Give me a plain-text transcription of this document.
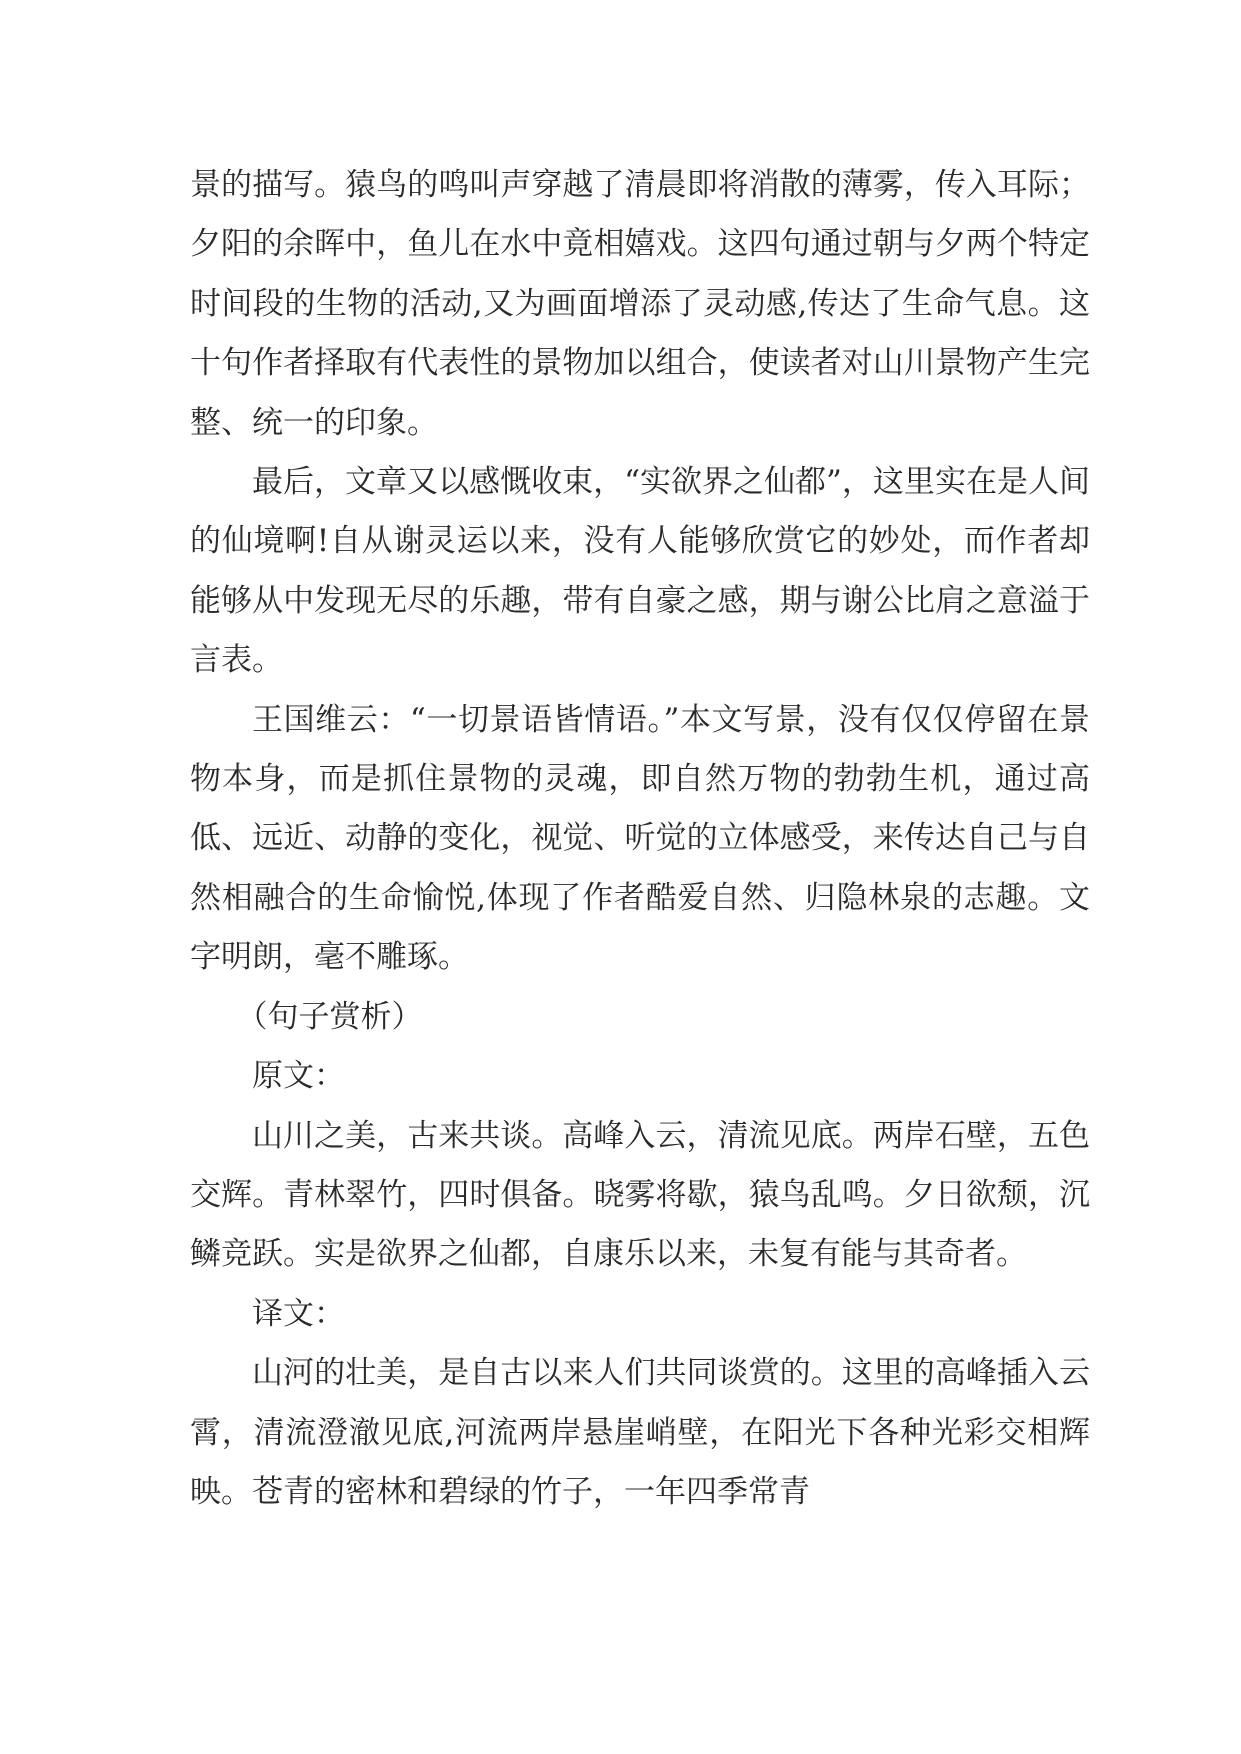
景的描写。猿鸟的鸣叫声穿越了清晨即将消散的薄雾，传入耳际；夕阳的余晖中，鱼儿在水中竟相嬉戏。这四句通过朝与夕两个特定时间段的生物的活动,又为画面增添了灵动感,传达了生命气息。这十句作者择取有代表性的景物加以组合，使读者对山川景物产生完整、统一的印象。

最后，文章又以感慨收束，“实欲界之仙都”，这里实在是人间的仙境啊!自从谢灵运以来，没有人能够欣赏它的妙处，而作者却能够从中发现无尽的乐趣，带有自豪之感，期与谢公比肩之意溢于言表。

王国维云：“一切景语皆情语。”本文写景，没有仅仅停留在景物本身，而是抓住景物的灵魂，即自然万物的勃勃生机，通过高低、远近、动静的变化，视觉、听觉的立体感受，来传达自己与自然相融合的生命愉悦,体现了作者酷爱自然、归隐林泉的志趣。文字明朗，毫不雕琢。

（句子赏析）

原文：

山川之美，古来共谈。高峰入云，清流见底。两岸石壁，五色交辉。青林翠竹，四时俱备。晓雾将歇，猿鸟乱鸣。夕日欲颓，沉鳞竞跃。实是欲界之仙都，自康乐以来，未复有能与其奇者。

译文：

山河的壮美，是自古以来人们共同谈赏的。这里的高峰插入云霄，清流澄澈见底,河流两岸悬崖峭壁，在阳光下各种光彩交相辉映。苍青的密林和碧绿的竹子，一年四季常青
